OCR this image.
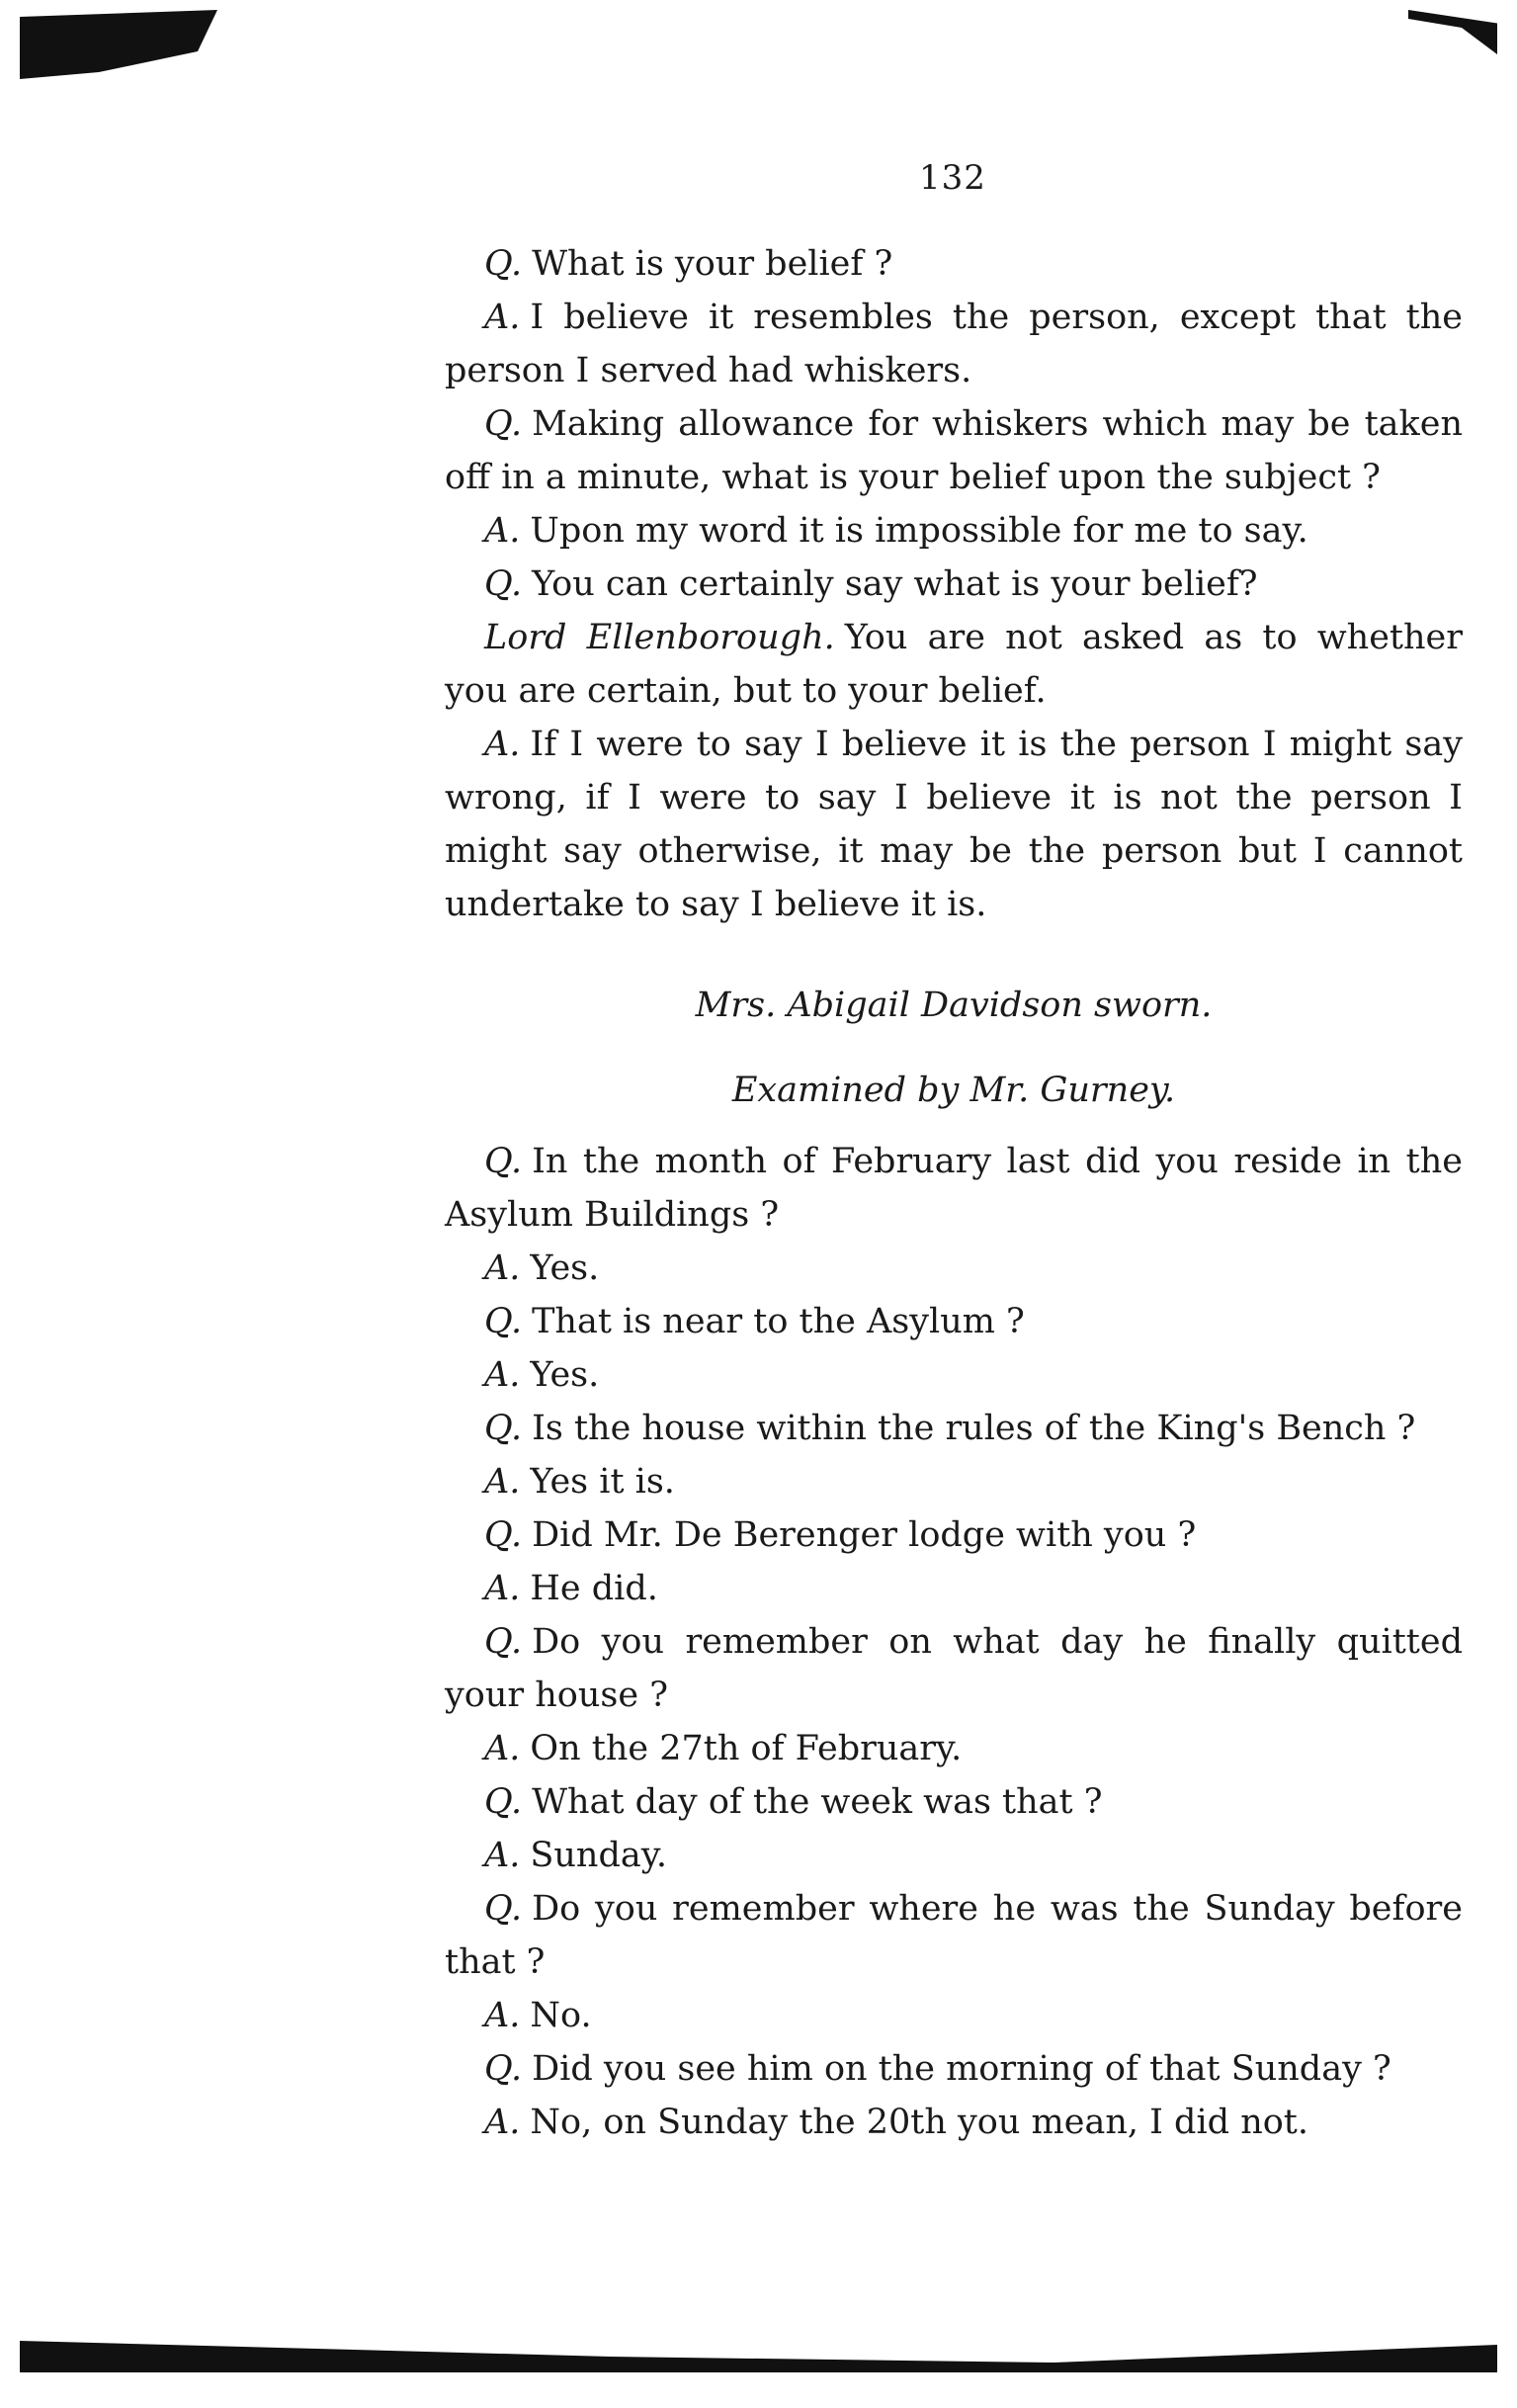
132

Q. What is your belief ?

A. I believe it resembles the person, except that the person I served had whiskers.

Q. Making allowance for whiskers which may be taken off in a minute, what is your belief upon the subject ?

A. Upon my word it is impossible for me to say.

Q. You can certainly say what is your belief?

Lord Ellenborough. You are not asked as to whether you are certain, but to your belief.

A. If I were to say I believe it is the person I might say wrong, if I were to say I believe it is not the person I might say otherwise, it may be the person but I cannot undertake to say I believe it is.

Mrs. Abigail Davidson sworn.

Examined by Mr. Gurney.

Q. In the month of February last did you reside in the Asylum Buildings ?

A. Yes.

Q. That is near to the Asylum ?

A. Yes.

Q. Is the house within the rules of the King's Bench ?

A. Yes it is.

Q. Did Mr. De Berenger lodge with you ?

A. He did.

Q. Do you remember on what day he finally quitted your house ?

A. On the 27th of February.

Q. What day of the week was that ?

A. Sunday.

Q. Do you remember where he was the Sunday before that ?

A. No.

Q. Did you see him on the morning of that Sunday ?

A. No, on Sunday the 20th you mean, I did not.
